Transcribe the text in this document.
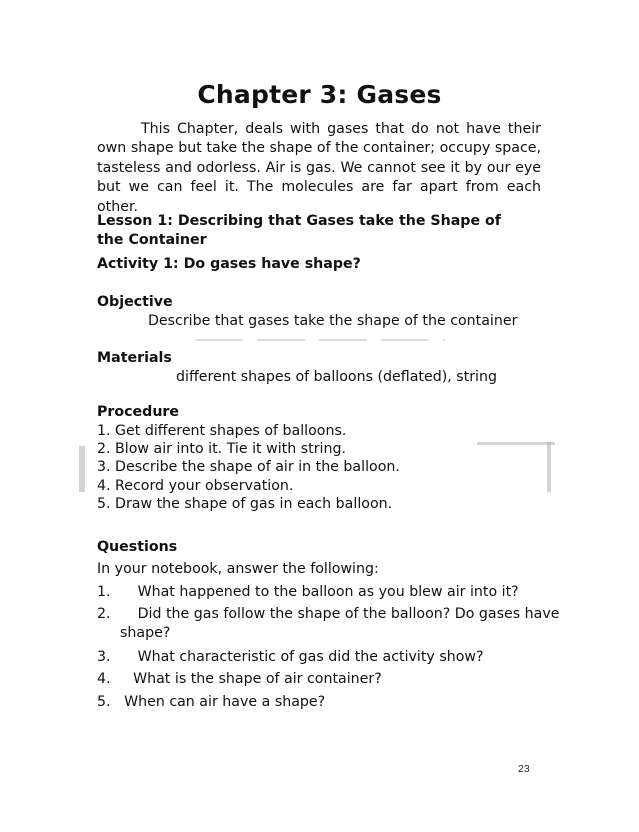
Chapter 3: Gases

This Chapter, deals with gases that do not have their own shape but take the shape of the container; occupy space, tasteless and odorless. Air is gas. We cannot see it by our eye but we can feel it. The molecules are far apart from each other.

Lesson 1: Describing that Gases take the Shape of the Container
Activity 1: Do gases have shape?
Objective
Describe that gases take the shape of the container
Materials
different shapes of balloons (deflated), string
Procedure
1. Get different shapes of balloons.
2. Blow air into it. Tie it with string.
3. Describe the shape of air in the balloon.
4. Record your observation.
5. Draw the shape of gas in each balloon.
Questions
In your notebook, answer the following:
1.      What happened to the balloon as you blew air into it?
2.      Did the gas follow the shape of the balloon? Do gases have shape?
3.      What characteristic of gas did the activity show?
4.     What is the shape of air container?
5.   When can air have a shape?
23
